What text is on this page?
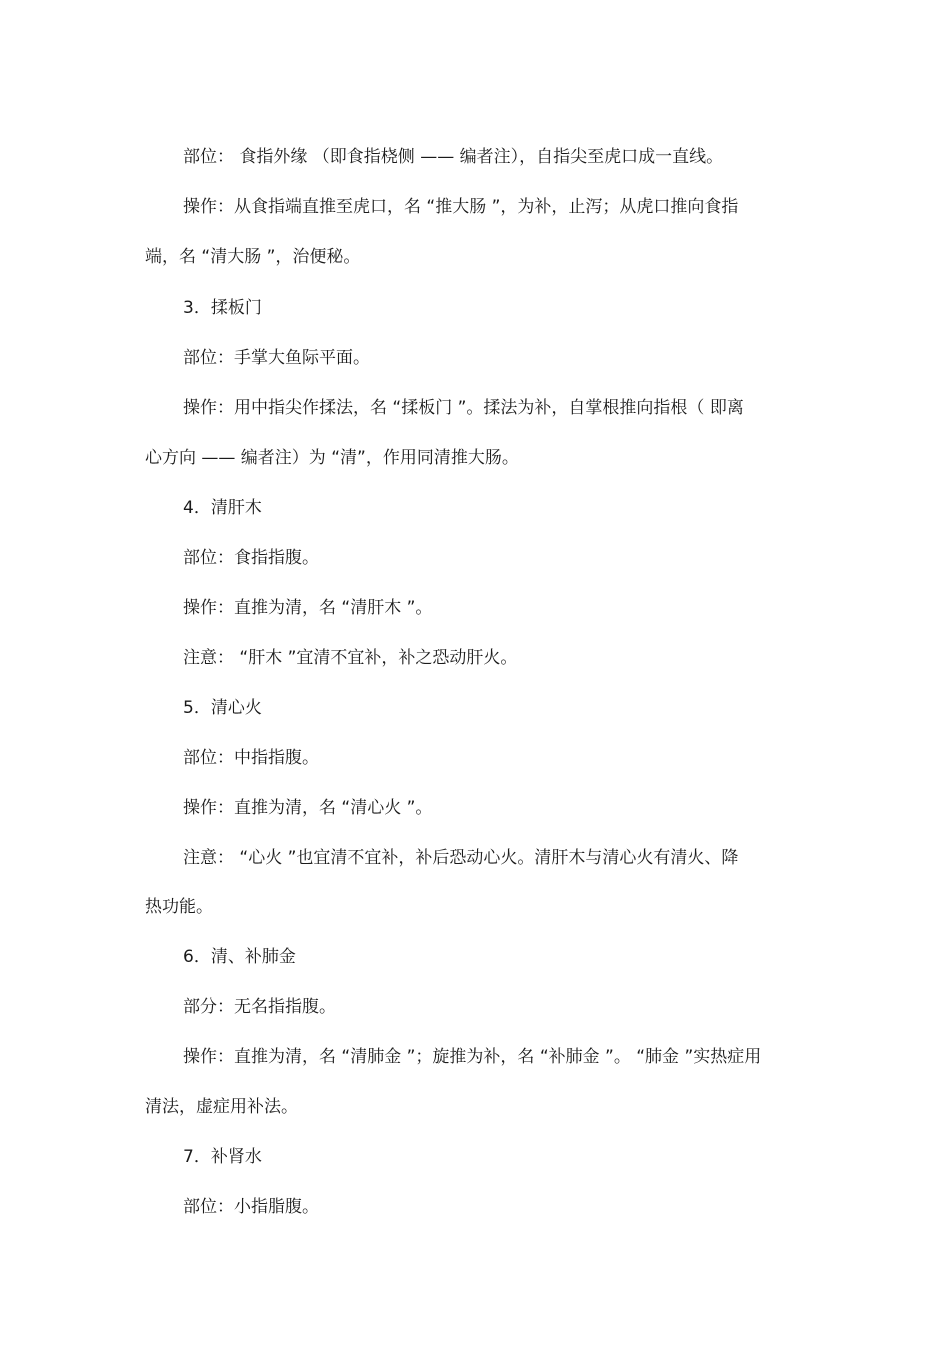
部位： 食指外缘 （即食指桡侧 —— 编者注），自指尖至虎口成一直线。

操作：从食指端直推至虎口，名 “推大肠 ”，为补，止泻；从虎口推向食指

端，名 “清大肠 ”，治便秘。

3．揉板门

部位：手掌大鱼际平面。

操作：用中指尖作揉法，名 “揉板门 ”。揉法为补，自掌根推向指根（ 即离

心方向 —— 编者注）为 “清”，作用同清推大肠。

4．清肝木

部位：食指指腹。

操作：直推为清，名 “清肝木 ”。

注意： “肝木 ”宜清不宜补，补之恐动肝火。

5．清心火

部位：中指指腹。

操作：直推为清，名 “清心火 ”。

注意： “心火 ”也宜清不宜补，补后恐动心火。清肝木与清心火有清火、降

热功能。

6．清、补肺金

部分：无名指指腹。

操作：直推为清，名 “清肺金 ”；旋推为补，名 “补肺金 ”。 “肺金 ”实热症用

清法，虚症用补法。

7．补肾水

部位：小指脂腹。
